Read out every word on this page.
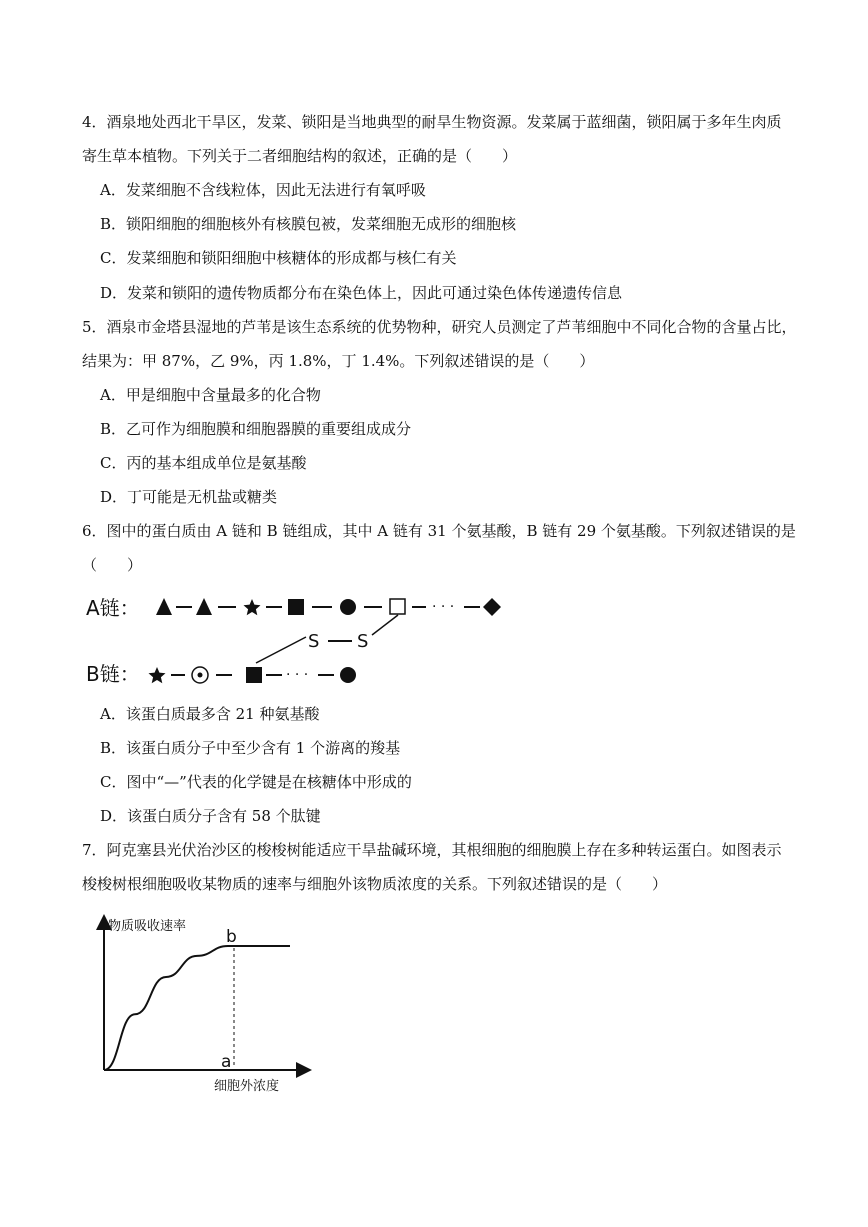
4．酒泉地处西北干旱区，发菜、锁阳是当地典型的耐旱生物资源。发菜属于蓝细菌，锁阳属于多年生肉质
寄生草本植物。下列关于二者细胞结构的叙述，正确的是（　　）
A．发菜细胞不含线粒体，因此无法进行有氧呼吸
B．锁阳细胞的细胞核外有核膜包被，发菜细胞无成形的细胞核
C．发菜细胞和锁阳细胞中核糖体的形成都与核仁有关
D．发菜和锁阳的遗传物质都分布在染色体上，因此可通过染色体传递遗传信息
5．酒泉市金塔县湿地的芦苇是该生态系统的优势物种，研究人员测定了芦苇细胞中不同化合物的含量占比，
结果为：甲 87%，乙 9%，丙 1.8%，丁 1.4%。下列叙述错误的是（　　）
A．甲是细胞中含量最多的化合物
B．乙可作为细胞膜和细胞器膜的重要组成成分
C．丙的基本组成单位是氨基酸
D．丁可能是无机盐或糖类
6．图中的蛋白质由 A 链和 B 链组成，其中 A 链有 31 个氨基酸，B 链有 29 个氨基酸。下列叙述错误的是
（　　）
A链：	· · ·
S
S
B链：	· · ·
A．该蛋白质最多含 21 种氨基酸
B．该蛋白质分子中至少含有 1 个游离的羧基
C．图中“—”代表的化学键是在核糖体中形成的
D．该蛋白质分子含有 58 个肽键
7．阿克塞县光伏治沙区的梭梭树能适应干旱盐碱环境，其根细胞的细胞膜上存在多种转运蛋白。如图表示
梭梭树根细胞吸收某物质的速率与细胞外该物质浓度的关系。下列叙述错误的是（　　）
物质吸收速率
细胞外浓度
b
a
